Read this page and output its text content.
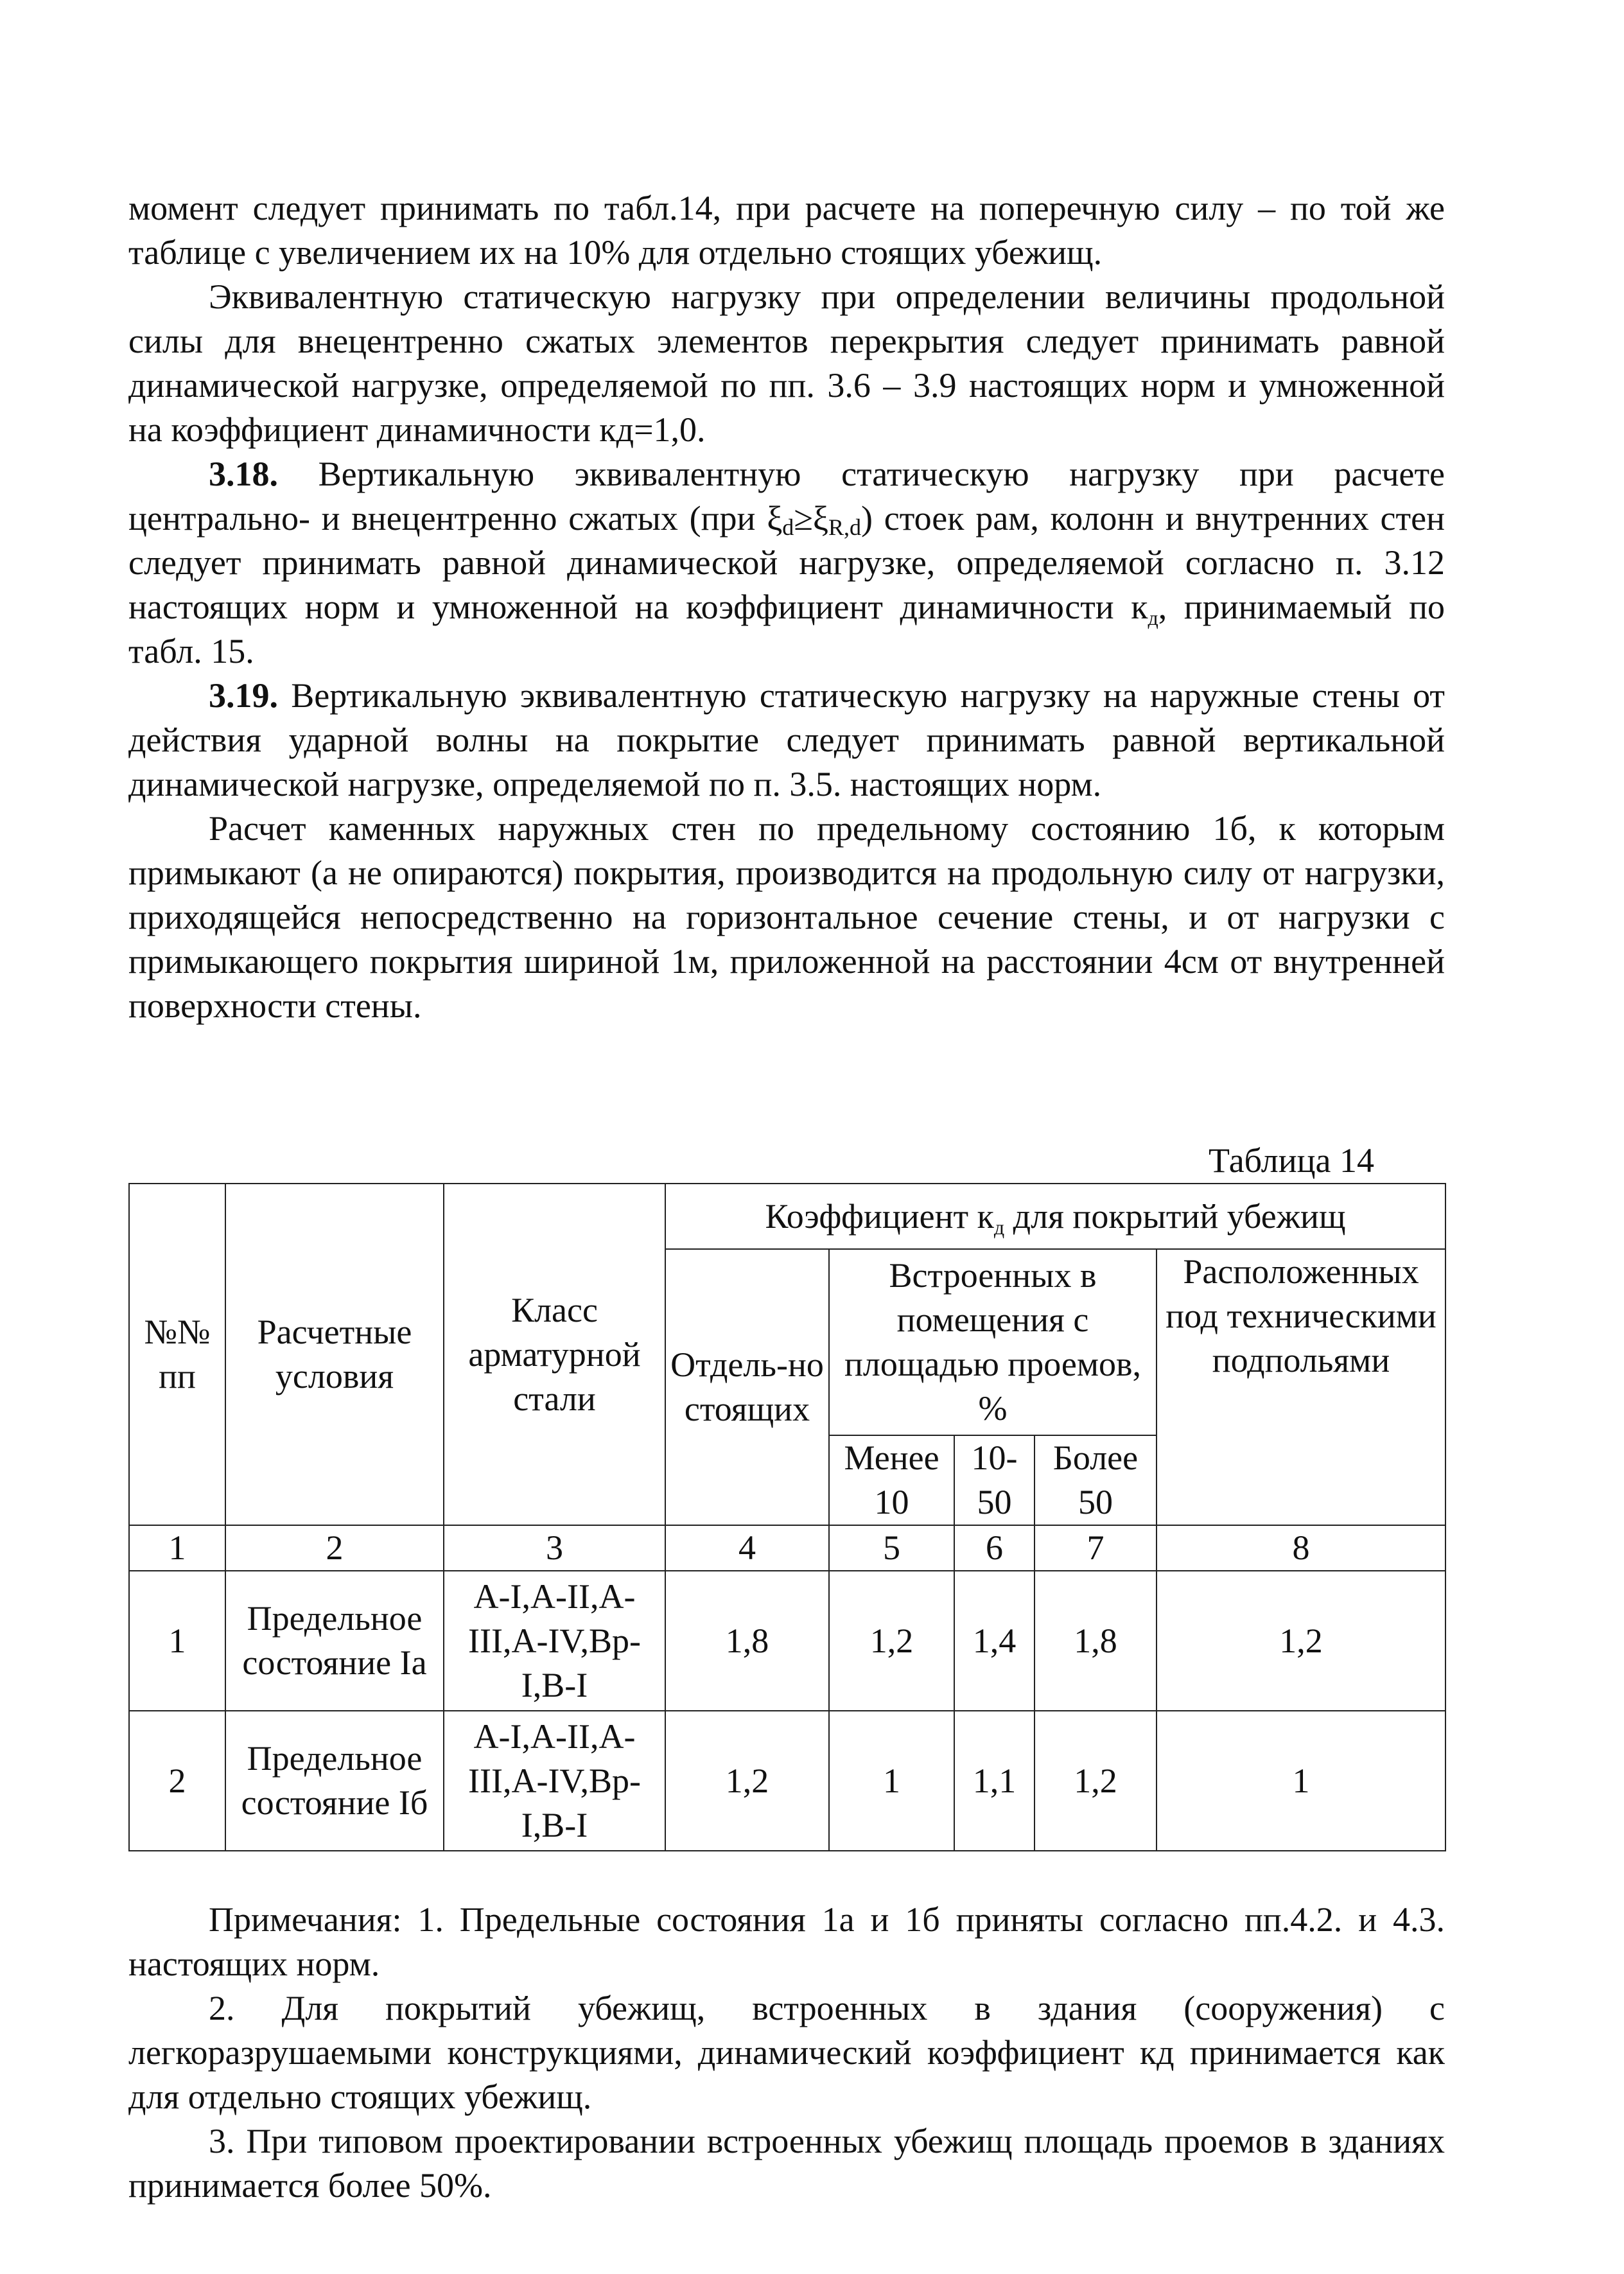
момент следует принимать по табл.14, при расчете на поперечную силу – по той же таблице с увеличением их на 10% для отдельно стоящих убежищ.

Эквивалентную статическую нагрузку при определении величины продольной силы для внецентренно сжатых элементов перекрытия следует принимать равной динамической нагрузке, определяемой по пп. 3.6 – 3.9 настоящих норм и умноженной на коэффициент динамичности кд=1,0.

3.18. Вертикальную эквивалентную статическую нагрузку при расчете центрально- и внецентренно сжатых (при $\xi_d\ge\xi_{R,d}$) стоек рам, колонн и внутренних стен следует принимать равной динамической нагрузке, определяемой согласно п. 3.12 настоящих норм и умноженной на коэффициент динамичности кд, принимаемый по табл. 15.

3.19. Вертикальную эквивалентную статическую нагрузку на наружные стены от действия ударной волны на покрытие следует принимать равной вертикальной динамической нагрузке, определяемой по п. 3.5. настоящих норм.

Расчет каменных наружных стен по предельному состоянию 1б, к которым примыкают (а не опираются) покрытия, производится на продольную силу от нагрузки, приходящейся непосредственно на горизонтальное сечение стены, и от нагрузки с примыкающего покрытия шириной 1м, приложенной на расстоянии 4см от внутренней поверхности стены.

Таблица 14
№№ пп	Расчетные условия	Класс арматурной стали	Коэффициент кд для покрытий убежищ				
			Отдель-но стоящих	Встроенных в помещения с площадью проемов, %			Расположенных под техническими подпольями
				Менее 10	10-50	Более 50	
1	2	3	4	5	6	7	8
1	Предельное состояние Iа	А-I,А-II,А-III,А-IV,Вр-I,В-I	1,8	1,2	1,4	1,8	1,2
2	Предельное состояние Iб	А-I,А-II,А-III,А-IV,Вр-I,В-I	1,2	1	1,1	1,2	1

Примечания: 1. Предельные состояния 1а и 1б приняты согласно пп.4.2. и 4.3. настоящих норм.

2. Для покрытий убежищ, встроенных в здания (сооружения) с легкоразрушаемыми конструкциями, динамический коэффициент кд принимается как для отдельно стоящих убежищ.

3. При типовом проектировании встроенных убежищ площадь проемов в зданиях принимается более 50%.
